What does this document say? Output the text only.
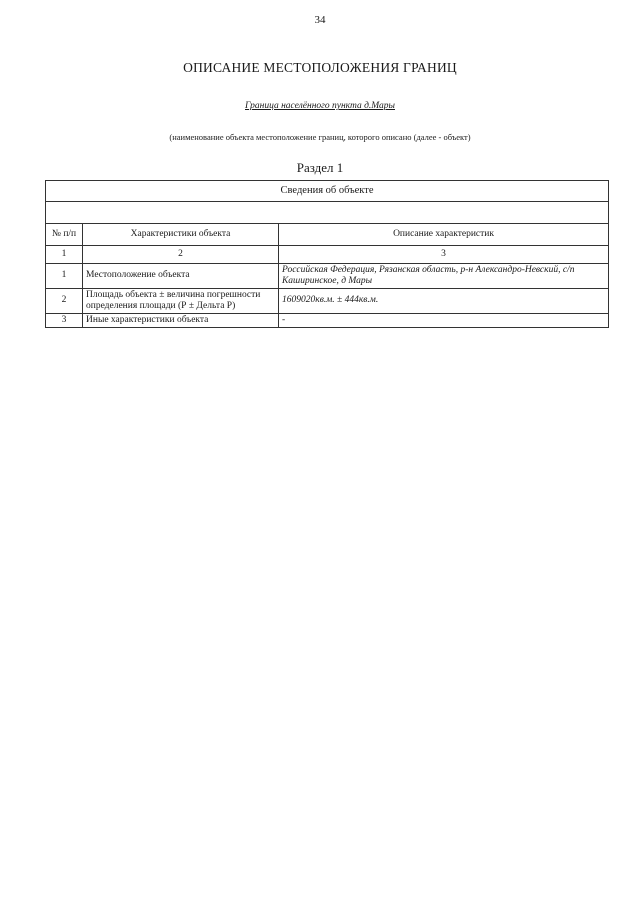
34
ОПИСАНИЕ МЕСТОПОЛОЖЕНИЯ ГРАНИЦ
Граница населённого пункта д.Мары
(наименование объекта местоположение границ, которого описано (далее - объект)
Раздел 1
Сведения об объекте		

№ п/п	Характеристики объекта	Описание характеристик
1	2	3
1	Местоположение объекта	Российская Федерация, Рязанская область, р-н Александро-Невский, с/п Каширинское, д Мары
2	Площадь объекта ± величина погрешности определения площади (Р ± Дельта Р)	1609020кв.м. ± 444кв.м.
3	Иные характеристики объекта	-
